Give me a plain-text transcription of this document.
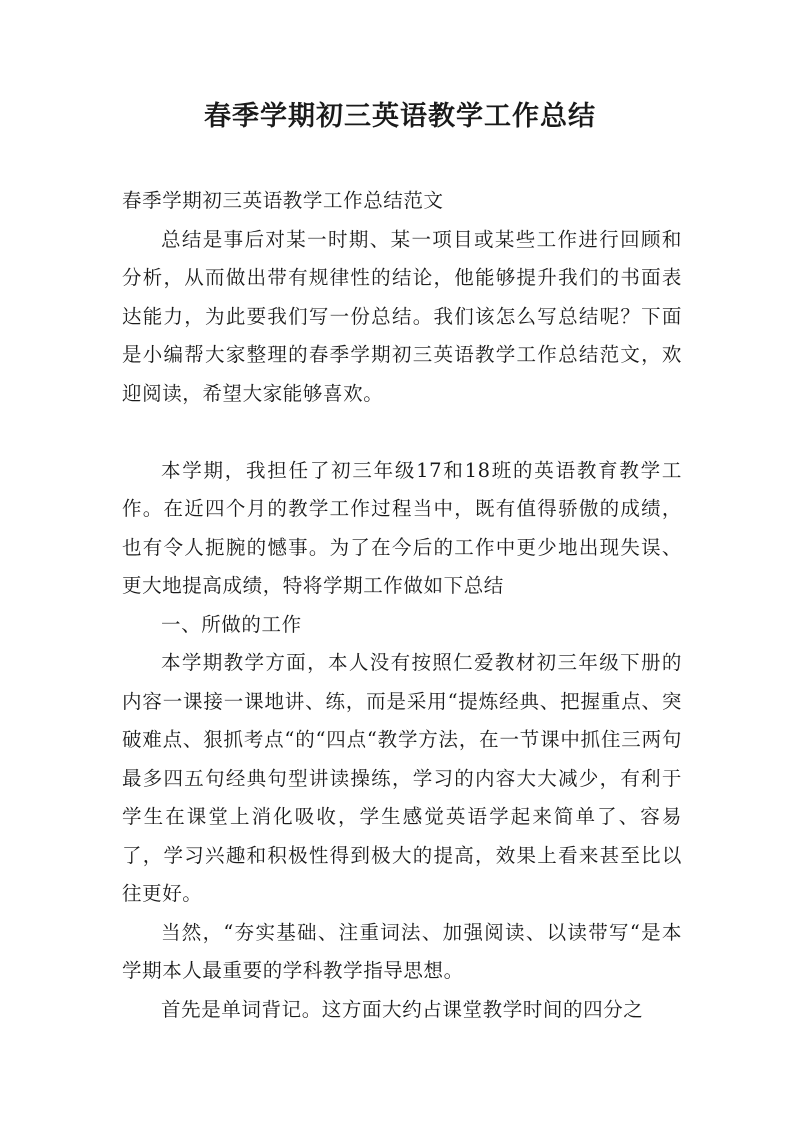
春季学期初三英语教学工作总结

春季学期初三英语教学工作总结范文

总结是事后对某一时期、某一项目或某些工作进行回顾和分析，从而做出带有规律性的结论，他能够提升我们的书面表达能力，为此要我们写一份总结。我们该怎么写总结呢？下面是小编帮大家整理的春季学期初三英语教学工作总结范文，欢迎阅读，希望大家能够喜欢。

本学期，我担任了初三年级17和18班的英语教育教学工作。在近四个月的教学工作过程当中，既有值得骄傲的成绩，也有令人扼腕的憾事。为了在今后的工作中更少地出现失误、更大地提高成绩，特将学期工作做如下总结

一、所做的工作

本学期教学方面，本人没有按照仁爱教材初三年级下册的内容一课接一课地讲、练，而是采用“提炼经典、把握重点、突破难点、狠抓考点“的“四点“教学方法，在一节课中抓住三两句最多四五句经典句型讲读操练，学习的内容大大减少，有利于学生在课堂上消化吸收，学生感觉英语学起来简单了、容易了，学习兴趣和积极性得到极大的提高，效果上看来甚至比以往更好。

当然，“夯实基础、注重词法、加强阅读、以读带写“是本学期本人最重要的学科教学指导思想。

首先是单词背记。这方面大约占课堂教学时间的四分之
